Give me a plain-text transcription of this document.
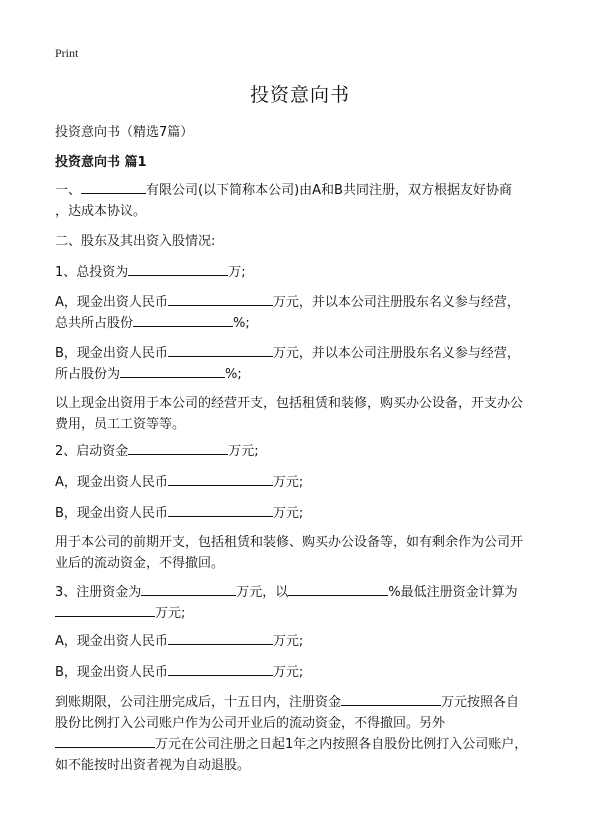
Print
投资意向书
投资意向书（精选7篇）
投资意向书 篇1
一、	有限公司(以下简称本公司)由A和B共同注册，双方根据友好协商
，达成本协议。
二、股东及其出资入股情况:
1、总投资为	万;
A，现金出资人民币	万元，并以本公司注册股东名义参与经营，
总共所占股份	%;
B，现金出资人民币	万元，并以本公司注册股东名义参与经营，
所占股份为	%;
以上现金出资用于本公司的经营开支，包括租赁和装修，购买办公设备，开支办公
费用，员工工资等等。
2、启动资金	万元;
A，现金出资人民币	万元;
B，现金出资人民币	万元;
用于本公司的前期开支，包括租赁和装修、购买办公设备等，如有剩余作为公司开
业后的流动资金，不得撤回。
3、注册资金为	万元，以	%最低注册资金计算为
万元;
A，现金出资人民币	万元;
B，现金出资人民币	万元;
到账期限，公司注册完成后，十五日内，注册资金	万元按照各自
股份比例打入公司账户作为公司开业后的流动资金，不得撤回。另外
万元在公司注册之日起1年之内按照各自股份比例打入公司账户，
如不能按时出资者视为自动退股。
